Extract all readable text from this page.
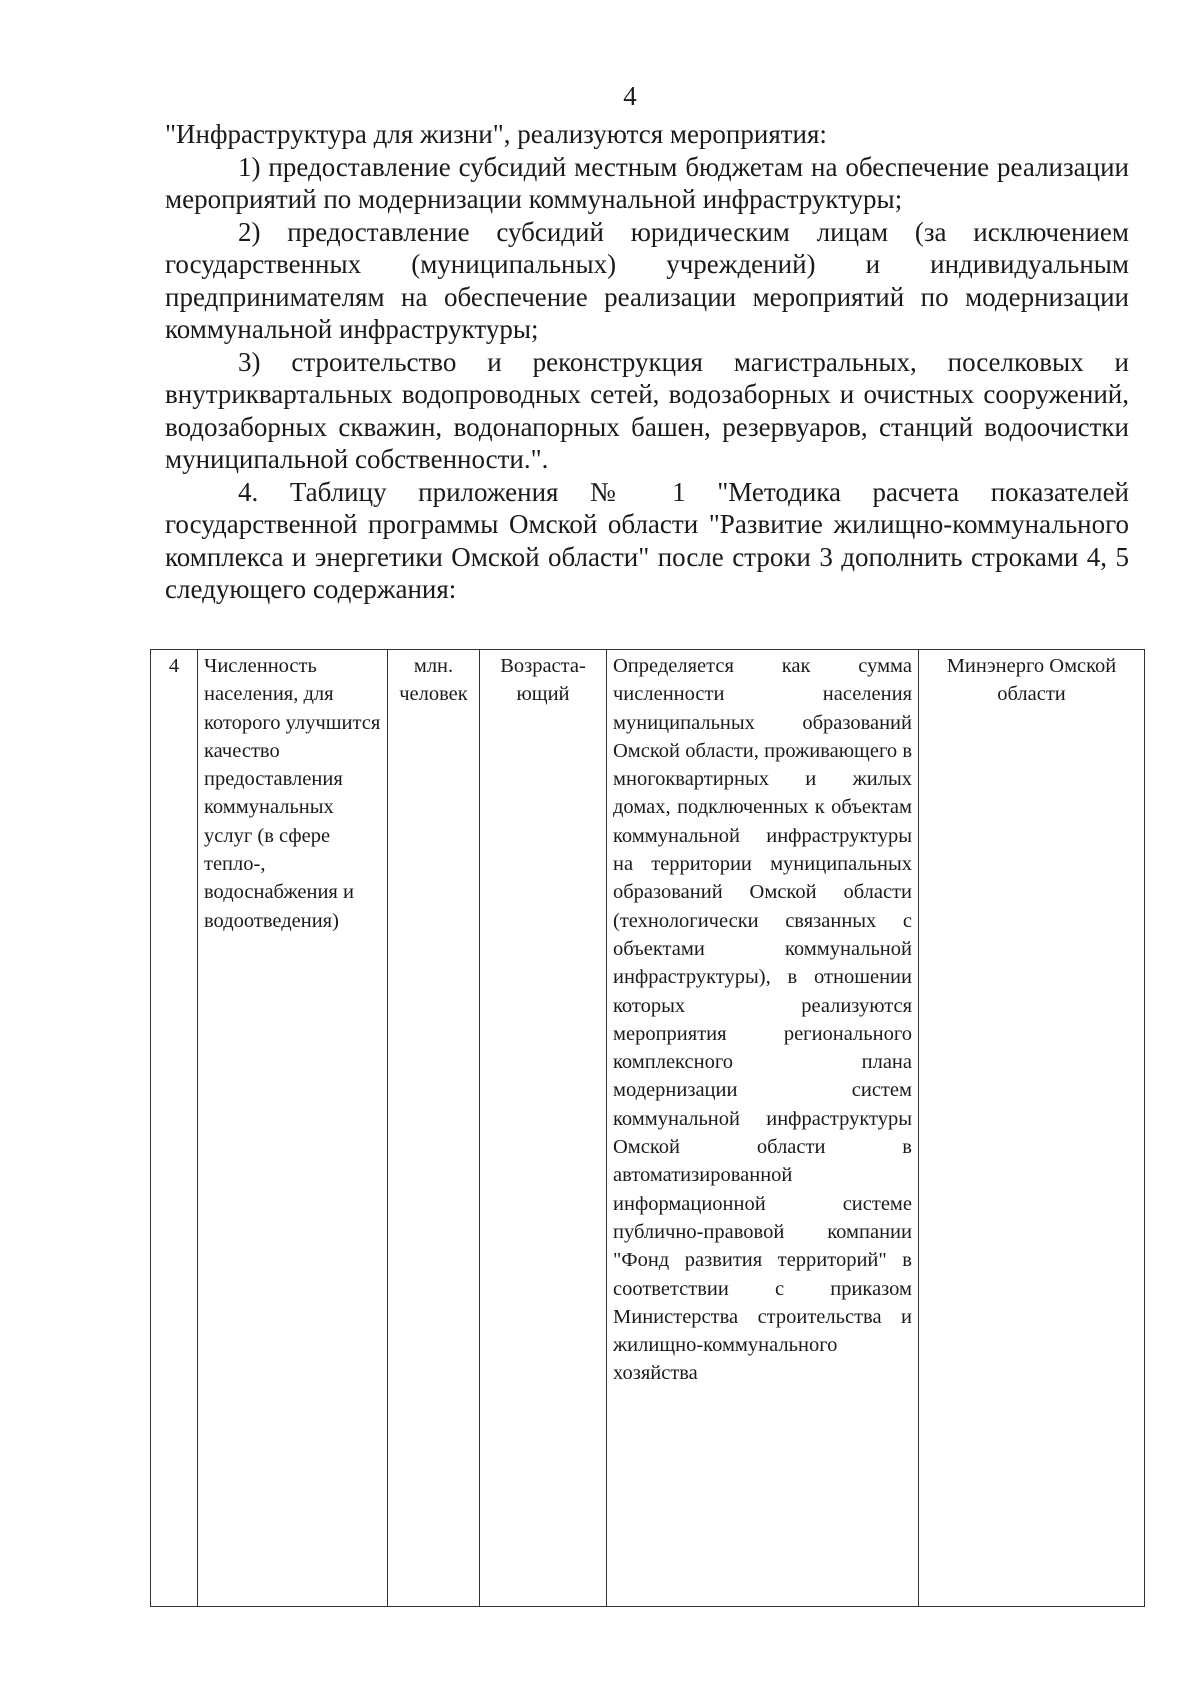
4

"Инфраструктура для жизни", реализуются мероприятия:

1) предоставление субсидий местным бюджетам на обеспечение реализации мероприятий по модернизации коммунальной инфраструктуры;

2) предоставление субсидий юридическим лицам (за исключением государственных (муниципальных) учреждений) и индивидуальным предпринимателям на обеспечение реализации мероприятий по модернизации коммунальной инфраструктуры;

3) строительство и реконструкция магистральных, поселковых и внутриквартальных водопроводных сетей, водозаборных и очистных сооружений, водозаборных скважин, водонапорных башен, резервуаров, станций водоочистки муниципальной собственности.".

4. Таблицу приложения № 1 "Методика расчета показателей государственной программы Омской области "Развитие жилищно-коммунального комплекса и энергетики Омской области" после строки 3 дополнить строками 4, 5 следующего содержания:

4	Численность населения, для которого улучшится качество предоставления коммунальных услуг (в сфере тепло-, водоснабжения и водоотведения)	млн. человек	Возраста-ющий	Определяется как сумма численности населения муниципальных образований Омской области, проживающего в многоквартирных и жилых домах, подключенных к объектам коммунальной инфраструктуры на территории муниципальных образований Омской области (технологически связанных с объектами коммунальной инфраструктуры), в отношении которых реализуются мероприятия регионального комплексного плана модернизации систем коммунальной инфраструктуры Омской области в автоматизированной информационной системе публично-правовой компании "Фонд развития территорий" в соответствии с приказом Министерства строительства и жилищно-коммунального хозяйства	Минэнерго Омской области
